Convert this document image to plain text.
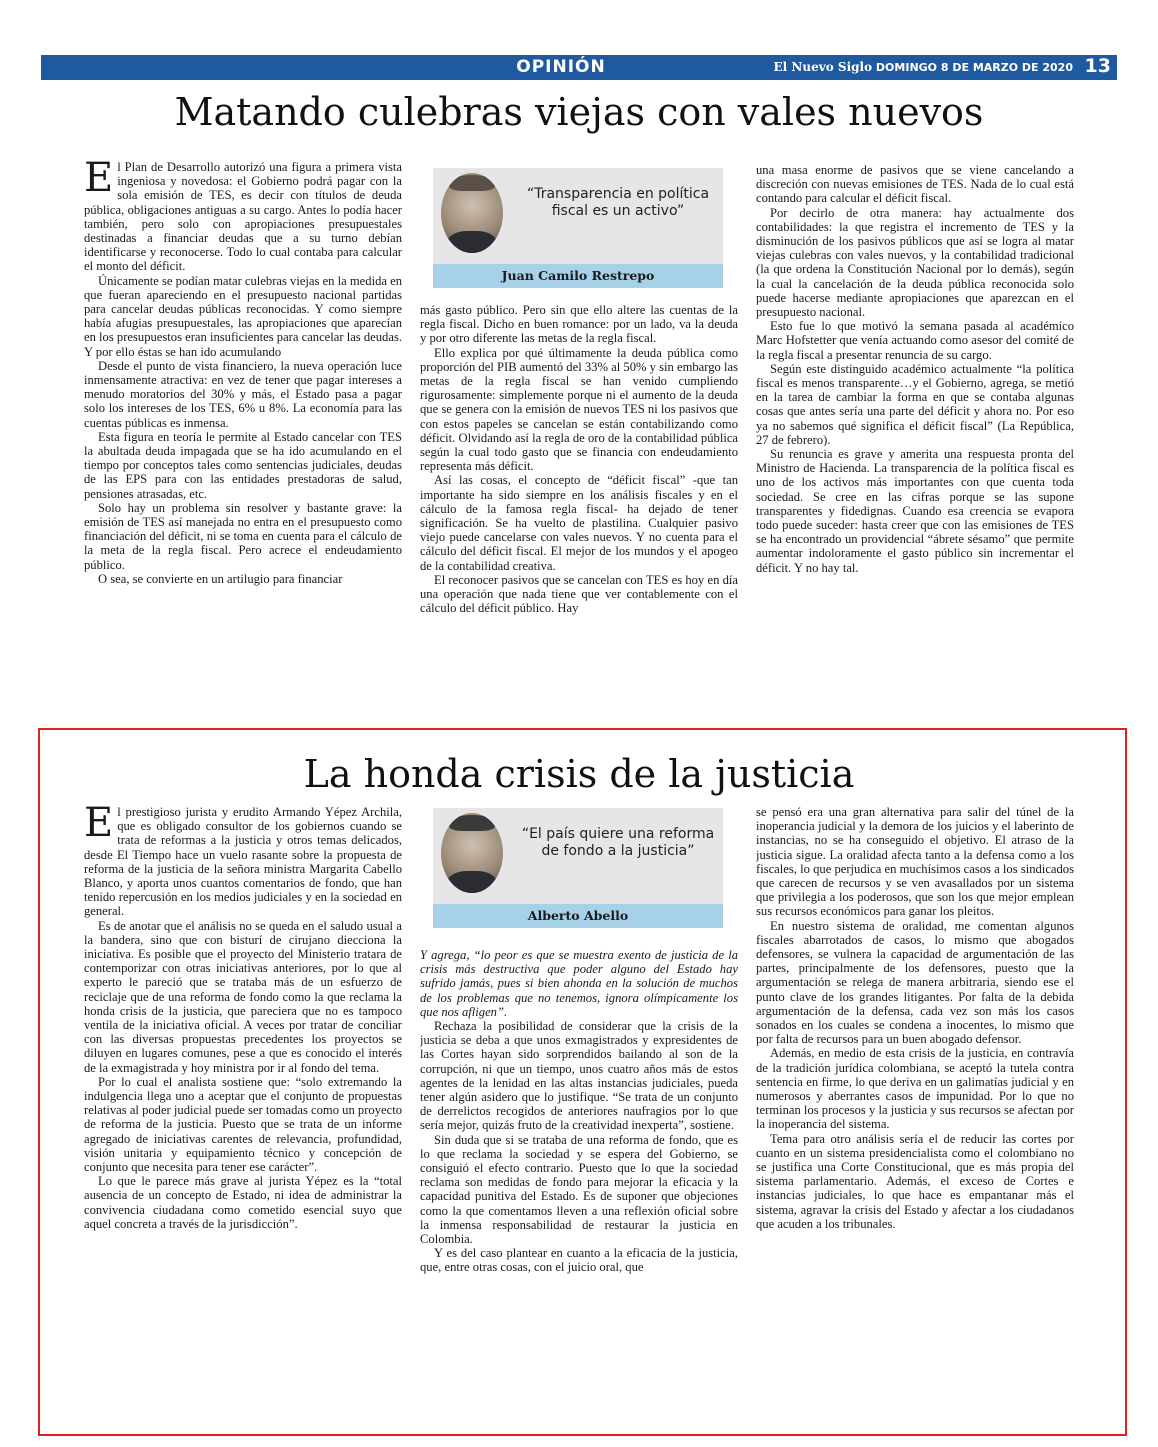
OPINIÓN	El Nuevo Siglo DOMINGO 8 DE MARZO DE 2020 13
Matando culebras viejas con vales nuevos

El Plan de Desarrollo autorizó una figura a primera vista ingeniosa y novedosa: el Gobierno podrá pagar con la sola emisión de TES, es decir con títulos de deuda pública, obligaciones antiguas a su cargo. Antes lo podía hacer también, pero solo con apropiaciones presupuestales destinadas a financiar deudas que a su turno debían identificarse y reconocerse. Todo lo cual contaba para calcular el monto del déficit.

Únicamente se podían matar culebras viejas en la medida en que fueran apareciendo en el presupuesto nacional partidas para cancelar deudas públicas reconocidas. Y como siempre había afugias presupuestales, las apropiaciones que aparecían en los presupuestos eran insuficientes para cancelar las deudas. Y por ello éstas se han ido acumulando

Desde el punto de vista financiero, la nueva operación luce inmensamente atractiva: en vez de tener que pagar intereses a menudo moratorios del 30% y más, el Estado pasa a pagar solo los intereses de los TES, 6% u 8%. La economía para las cuentas públicas es inmensa.

Esta figura en teoría le permite al Estado cancelar con TES la abultada deuda impagada que se ha ido acumulando en el tiempo por conceptos tales como sentencias judiciales, deudas de las EPS para con las entidades prestadoras de salud, pensiones atrasadas, etc.

Solo hay un problema sin resolver y bastante grave: la emisión de TES así manejada no entra en el presupuesto como financiación del déficit, ni se toma en cuenta para el cálculo de la meta de la regla fiscal. Pero acrece el endeudamiento público.

O sea, se convierte en un artilugio para financiar

“Transparencia en política fiscal es un activo”
Juan Camilo Restrepo

más gasto público. Pero sin que ello altere las cuentas de la regla fiscal. Dicho en buen romance: por un lado, va la deuda y por otro diferente las metas de la regla fiscal.

Ello explica por qué últimamente la deuda pública como proporción del PIB aumentó del 33% al 50% y sin embargo las metas de la regla fiscal se han venido cumpliendo rigurosamente: simplemente porque ni el aumento de la deuda que se genera con la emisión de nuevos TES ni los pasivos que con estos papeles se cancelan se están contabilizando como déficit. Olvidando así la regla de oro de la contabilidad pública según la cual todo gasto que se financia con endeudamiento representa más déficit.

Así las cosas, el concepto de “déficit fiscal” -que tan importante ha sido siempre en los análisis fiscales y en el cálculo de la famosa regla fiscal- ha dejado de tener significación. Se ha vuelto de plastilina. Cualquier pasivo viejo puede cancelarse con vales nuevos. Y no cuenta para el cálculo del déficit fiscal. El mejor de los mundos y el apogeo de la contabilidad creativa.

El reconocer pasivos que se cancelan con TES es hoy en día una operación que nada tiene que ver contablemente con el cálculo del déficit público. Hay

una masa enorme de pasivos que se viene cancelando a discreción con nuevas emisiones de TES. Nada de lo cual está contando para calcular el déficit fiscal.

Por decirlo de otra manera: hay actualmente dos contabilidades: la que registra el incremento de TES y la disminución de los pasivos públicos que así se logra al matar viejas culebras con vales nuevos, y la contabilidad tradicional (la que ordena la Constitución Nacional por lo demás), según la cual la cancelación de la deuda pública reconocida solo puede hacerse mediante apropiaciones que aparezcan en el presupuesto nacional.

Esto fue lo que motivó la semana pasada al académico Marc Hofstetter que venía actuando como asesor del comité de la regla fiscal a presentar renuncia de su cargo.

Según este distinguido académico actualmente “la política fiscal es menos transparente…y el Gobierno, agrega, se metió en la tarea de cambiar la forma en que se contaba algunas cosas que antes sería una parte del déficit y ahora no. Por eso ya no sabemos qué significa el déficit fiscal” (La República, 27 de febrero).

Su renuncia es grave y amerita una respuesta pronta del Ministro de Hacienda. La transparencia de la política fiscal es uno de los activos más importantes con que cuenta toda sociedad. Se cree en las cifras porque se las supone transparentes y fidedignas. Cuando esa creencia se evapora todo puede suceder: hasta creer que con las emisiones de TES se ha encontrado un providencial “ábrete sésamo” que permite aumentar indoloramente el gasto público sin incrementar el déficit. Y no hay tal.

La honda crisis de la justicia

El prestigioso jurista y erudito Armando Yépez Archila, que es obligado consultor de los gobiernos cuando se trata de reformas a la justicia y otros temas delicados, desde El Tiempo hace un vuelo rasante sobre la propuesta de reforma de la justicia de la señora ministra Margarita Cabello Blanco, y aporta unos cuantos comentarios de fondo, que han tenido repercusión en los medios judiciales y en la sociedad en general.

Es de anotar que el análisis no se queda en el saludo usual a la bandera, sino que con bisturí de cirujano diecciona la iniciativa. Es posible que el proyecto del Ministerio tratara de contemporizar con otras iniciativas anteriores, por lo que al experto le pareció que se trataba más de un esfuerzo de reciclaje que de una reforma de fondo como la que reclama la honda crisis de la justicia, que pareciera que no es tampoco ventila de la iniciativa oficial. A veces por tratar de conciliar con las diversas propuestas precedentes los proyectos se diluyen en lugares comunes, pese a que es conocido el interés de la exmagistrada y hoy ministra por ir al fondo del tema.

Por lo cual el analista sostiene que: “solo extremando la indulgencia llega uno a aceptar que el conjunto de propuestas relativas al poder judicial puede ser tomadas como un proyecto de reforma de la justicia. Puesto que se trata de un informe agregado de iniciativas carentes de relevancia, profundidad, visión unitaria y equipamiento técnico y concepción de conjunto que necesita para tener ese carácter”.

Lo que le parece más grave al jurista Yépez es la “total ausencia de un concepto de Estado, ni idea de administrar la convivencia ciudadana como cometido esencial suyo que aquel concreta a través de la jurisdicción”.

“El país quiere una reforma de fondo a la justicia”
Alberto Abello

Y agrega, “lo peor es que se muestra exento de justicia de la crisis más destructiva que poder alguno del Estado hay sufrido jamás, pues si bien ahonda en la solución de muchos de los problemas que no tenemos, ignora olímpicamente los que nos afligen”.

Rechaza la posibilidad de considerar que la crisis de la justicia se deba a que unos exmagistrados y expresidentes de las Cortes hayan sido sorprendidos bailando al son de la corrupción, ni que un tiempo, unos cuatro años más de estos agentes de la lenidad en las altas instancias judiciales, pueda tener algún asidero que lo justifique. “Se trata de un conjunto de derrelictos recogidos de anteriores naufragios por lo que sería mejor, quizás fruto de la creatividad inexperta”, sostiene.

Sin duda que si se trataba de una reforma de fondo, que es lo que reclama la sociedad y se espera del Gobierno, se consiguió el efecto contrario. Puesto que lo que la sociedad reclama son medidas de fondo para mejorar la eficacia y la capacidad punitiva del Estado. Es de suponer que objeciones como la que comentamos lleven a una reflexión oficial sobre la inmensa responsabilidad de restaurar la justicia en Colombia.

Y es del caso plantear en cuanto a la eficacia de la justicia, que, entre otras cosas, con el juicio oral, que

se pensó era una gran alternativa para salir del túnel de la inoperancia judicial y la demora de los juicios y el laberinto de instancias, no se ha conseguido el objetivo. El atraso de la justicia sigue. La oralidad afecta tanto a la defensa como a los fiscales, lo que perjudica en muchísimos casos a los sindicados que carecen de recursos y se ven avasallados por un sistema que privilegia a los poderosos, que son los que mejor emplean sus recursos económicos para ganar los pleitos.

En nuestro sistema de oralidad, me comentan algunos fiscales abarrotados de casos, lo mismo que abogados defensores, se vulnera la capacidad de argumentación de las partes, principalmente de los defensores, puesto que la argumentación se relega de manera arbitraria, siendo ese el punto clave de los grandes litigantes. Por falta de la debida argumentación de la defensa, cada vez son más los casos sonados en los cuales se condena a inocentes, lo mismo que por falta de recursos para un buen abogado defensor.

Además, en medio de esta crisis de la justicia, en contravía de la tradición jurídica colombiana, se aceptó la tutela contra sentencia en firme, lo que deriva en un galimatías judicial y en numerosos y aberrantes casos de impunidad. Por lo que no terminan los procesos y la justicia y sus recursos se afectan por la inoperancia del sistema.

Tema para otro análisis sería el de reducir las cortes por cuanto en un sistema presidencialista como el colombiano no se justifica una Corte Constitucional, que es más propia del sistema parlamentario. Además, el exceso de Cortes e instancias judiciales, lo que hace es empantanar más el sistema, agravar la crisis del Estado y afectar a los ciudadanos que acuden a los tribunales.
